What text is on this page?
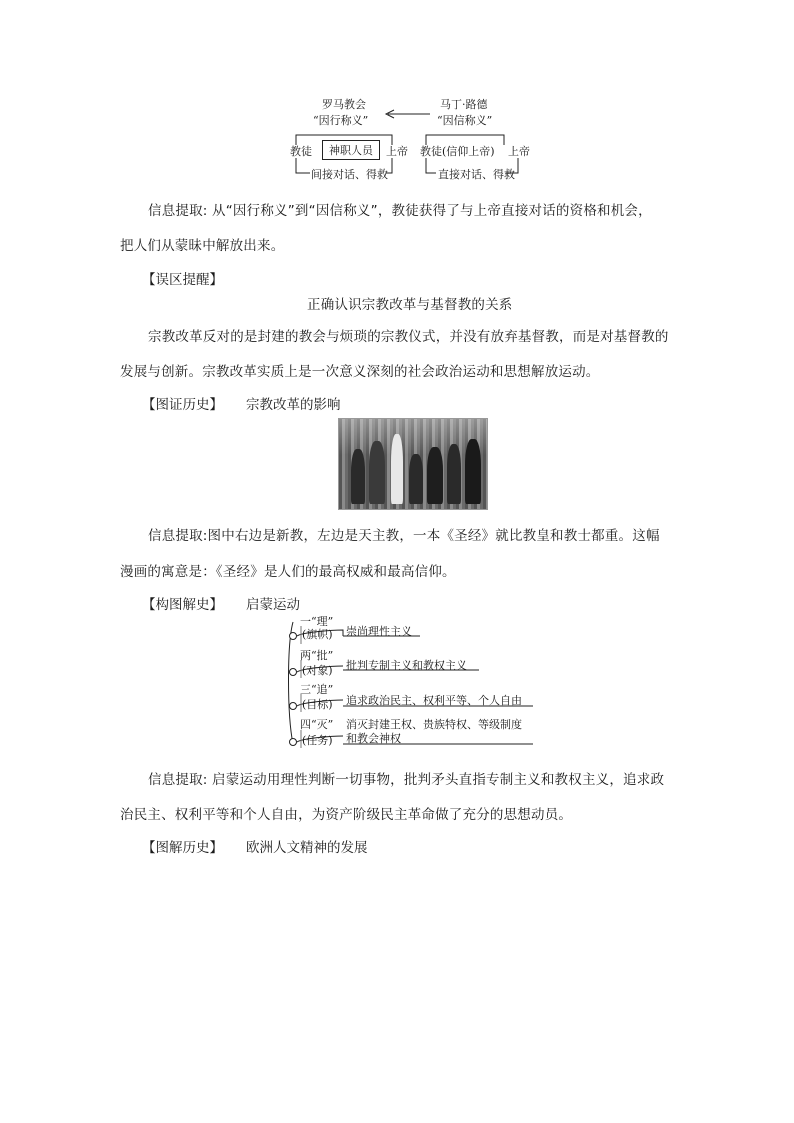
罗马教会
“因行称义”
马丁·路德
“因信称义”
教徒	神职人员	上帝 教徒(信仰上帝) 上帝
间接对话、得救	直接对话、得救
信息提取: 从“因行称义”到“因信称义”，教徒获得了与上帝直接对话的资格和机会，
把人们从蒙昧中解放出来。
【误区提醒】
正确认识宗教改革与基督教的关系
宗教改革反对的是封建的教会与烦琐的宗教仪式，并没有放弃基督教，而是对基督教的
发展与创新。宗教改革实质上是一次意义深刻的社会政治运动和思想解放运动。
【图证历史】 宗教改革的影响
信息提取:图中右边是新教，左边是天主教，一本《圣经》就比教皇和教士都重。这幅
漫画的寓意是：《圣经》是人们的最高权威和最高信仰。
【构图解史】 启蒙运动
一“理”
(旗帜) 崇尚理性主义
两“批”
(对象) 批判专制主义和教权主义
三“追”
(目标) 追求政治民主、权利平等、个人自由
四“灭”
(任务)
消灭封建王权、贵族特权、等级制度
和教会神权
信息提取: 启蒙运动用理性判断一切事物，批判矛头直指专制主义和教权主义，追求政
治民主、权利平等和个人自由，为资产阶级民主革命做了充分的思想动员。
【图解历史】 欧洲人文精神的发展
